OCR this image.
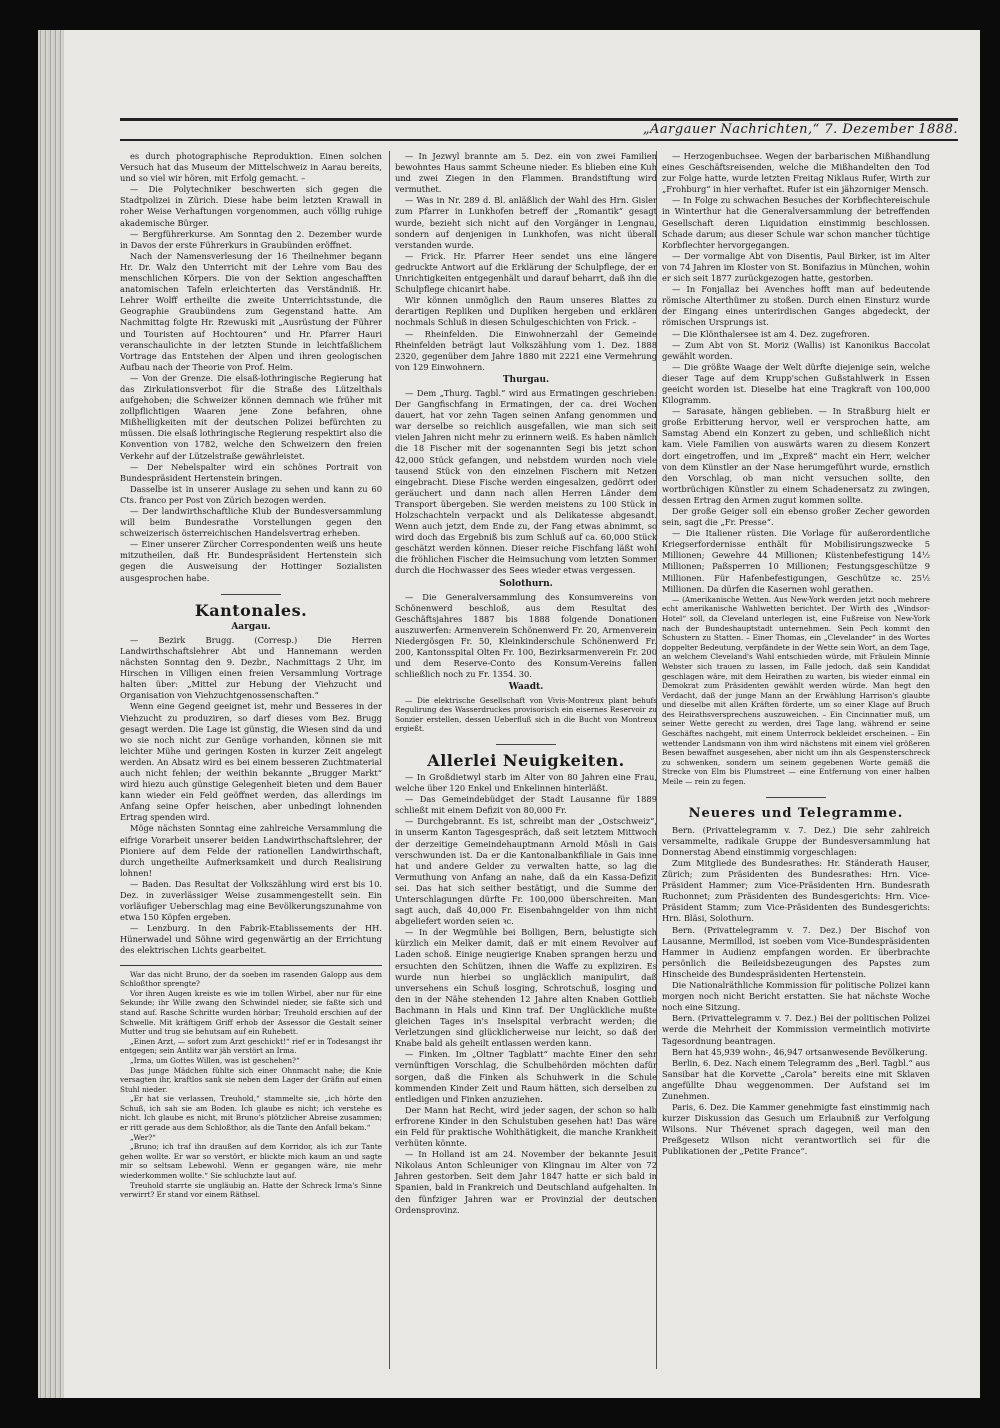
„Aargauer Nachrichten,“ 7. Dezember 1888.

es durch photographische Reproduktion. Einen solchen Versuch hat das Museum der Mittelschweiz in Aarau bereits, und so viel wir hören, mit Erfolg gemacht. –

— Die Polytechniker beschwerten sich gegen die Stadtpolizei in Zürich. Diese habe beim letzten Krawall in roher Weise Verhaftungen vorgenommen, auch völlig ruhige akademische Bürger.

— Bergführerkurse. Am Sonntag den 2. Dezember wurde in Davos der erste Führerkurs in Graubünden eröffnet.

Nach der Namensverlesung der 16 Theilnehmer begann Hr. Dr. Walz den Unterricht mit der Lehre vom Bau des menschlichen Körpers. Die von der Sektion angeschafften anatomischen Tafeln erleichterten das Verständniß. Hr. Lehrer Wolff ertheilte die zweite Unterrichtsstunde, die Geographie Graubündens zum Gegenstand hatte. Am Nachmittag folgte Hr. Rzewuski mit „Ausrüstung der Führer und Touristen auf Hochtouren“ und Hr. Pfarrer Hauri veranschaulichte in der letzten Stunde in leichtfaßlichem Vortrage das Entstehen der Alpen und ihren geologischen Aufbau nach der Theorie von Prof. Heim.

— Von der Grenze. Die elsaß-lothringische Regierung hat das Zirkulationsverbot für die Straße des Lützelthals aufgehoben; die Schweizer können demnach wie früher mit zollpflichtigen Waaren jene Zone befahren, ohne Mißhelligkeiten mit der deutschen Polizei befürchten zu müssen. Die elsaß lothringische Regierung respektirt also die Konvention von 1782, welche den Schweizern den freien Verkehr auf der Lützelstraße gewährleistet.

— Der Nebelspalter wird ein schönes Portrait von Bundespräsident Hertenstein bringen.

Dasselbe ist in unserer Auslage zu sehen und kann zu 60 Cts. franco per Post von Zürich bezogen werden.

— Der landwirthschaftliche Klub der Bundesversammlung will beim Bundesrathe Vorstellungen gegen den schweizerisch österreichischen Handelsvertrag erheben.

— Einer unserer Zürcher Correspondenten weiß uns heute mitzutheilen, daß Hr. Bundespräsident Hertenstein sich gegen die Ausweisung der Hottinger Sozialisten ausgesprochen habe.

Kantonales.
Aargau.

— Bezirk Brugg. (Corresp.) Die Herren Landwirthschaftslehrer Abt und Hannemann werden nächsten Sonntag den 9. Dezbr., Nachmittags 2 Uhr, im Hirschen in Villigen einen freien Versammlung Vortrage halten über: „Mittel zur Hebung der Viehzucht und Organisation von Viehzuchtgenossenschaften.“

Wenn eine Gegend geeignet ist, mehr und Besseres in der Viehzucht zu produziren, so darf dieses vom Bez. Brugg gesagt werden. Die Lage ist günstig, die Wiesen sind da und wo sie noch nicht zur Genüge vorhanden, können sie mit leichter Mühe und geringen Kosten in kurzer Zeit angelegt werden. An Absatz wird es bei einem besseren Zuchtmaterial auch nicht fehlen; der weithin bekannte „Brugger Markt“ wird hiezu auch günstige Gelegenheit bieten und dem Bauer kann wieder ein Feld geöffnet werden, das allerdings im Anfang seine Opfer heischen, aber unbedingt lohnenden Ertrag spenden wird.

Möge nächsten Sonntag eine zahlreiche Versammlung die eifrige Vorarbeit unserer beiden Landwirthschaftslehrer, der Pioniere auf dem Felde der rationellen Landwirthschaft, durch ungetheilte Aufmerksamkeit und durch Realisirung lohnen!

— Baden. Das Resultat der Volkszählung wird erst bis 10. Dez. in zuverlässiger Weise zusammengestellt sein. Ein vorläufiger Ueberschlag mag eine Bevölkerungszunahme von etwa 150 Köpfen ergeben.

— Lenzburg. In den Fabrik-Etablissements der HH. Hünerwadel und Söhne wird gegenwärtig an der Errichtung des elektrischen Lichts gearbeitet.

War das nicht Bruno, der da soeben im rasenden Galopp aus dem Schloßthor sprengte?

Vor ihren Augen kreiste es wie im tollen Wirbel, aber nur für eine Sekunde; ihr Wille zwang den Schwindel nieder, sie faßte sich und stand auf. Rasche Schritte wurden hörbar; Treuhold erschien auf der Schwelle. Mit kräftigem Griff erhob der Assessor die Gestalt seiner Mutter und trug sie behutsam auf ein Ruhebett.

„Einen Arzt, — sofort zum Arzt geschickt!“ rief er in Todesangst ihr entgegen; sein Antlitz war jäh verstört an Irma.

„Irma, um Gottes Willen, was ist geschehen?“

Das junge Mädchen fühlte sich einer Ohnmacht nahe; die Knie versagten ihr, kraftlos sank sie neben dem Lager der Gräfin auf einen Stuhl nieder.

„Er hat sie verlassen, Treuhold,“ stammelte sie, „ich hörte den Schuß, ich sah sie am Boden. Ich glaube es nicht; ich verstehe es nicht. Ich glaube es nicht, mit Bruno's plötzlicher Abreise zusammen; er ritt gerade aus dem Schloßthor, als die Tante den Anfall bekam.“

„Wer?“

„Bruno; ich traf ihn draußen auf dem Korridor, als ich zur Tante gehen wollte. Er war so verstört, er blickte mich kaum an und sagte mir so seltsam Lebewohl. Wenn er gegangen wäre, nie mehr wiederkommen wollte.“ Sie schluchzte laut auf.

Treuhold starrte sie ungläubig an. Hatte der Schreck Irma's Sinne verwirrt? Er stand vor einem Räthsel.

— In Jezwyl brannte am 5. Dez. ein von zwei Familien bewohntes Haus sammt Scheune nieder. Es blieben eine Kuh und zwei Ziegen in den Flammen. Brandstiftung wird vermuthet.

— Was in Nr. 289 d. Bl. anläßlich der Wahl des Hrn. Gisler zum Pfarrer in Lunkhofen betreff der „Romantik“ gesagt wurde, bezieht sich nicht auf den Vorgänger in Lengnau, sondern auf denjenigen in Lunkhofen, was nicht überall verstanden wurde.

— Frick. Hr. Pfarrer Heer sendet uns eine längere gedruckte Antwort auf die Erklärung der Schulpflege, der er Unrichtigkeiten entgegenhält und darauf beharrt, daß ihn die Schulpflege chicanirt habe.

Wir können unmöglich den Raum unseres Blattes zu derartigen Repliken und Dupliken hergeben und erklären nochmals Schluß in diesen Schulgeschichten von Frick. –

— Rheinfelden. Die Einwohnerzahl der Gemeinde Rheinfelden beträgt laut Volkszählung vom 1. Dez. 1888 2320, gegenüber dem Jahre 1880 mit 2221 eine Vermehrung von 129 Einwohnern.

Thurgau.

— Dem „Thurg. Tagbl.“ wird aus Ermatingen geschrieben: Der Gangfischfang in Ermatingen, der ca. drei Wochen dauert, hat vor zehn Tagen seinen Anfang genommen und war derselbe so reichlich ausgefallen, wie man sich seit vielen Jahren nicht mehr zu erinnern weiß. Es haben nämlich die 18 Fischer mit der sogenannten Segi bis jetzt schon 42,000 Stück gefangen, und nebstdem wurden noch viele tausend Stück von den einzelnen Fischern mit Netzen eingebracht. Diese Fische werden eingesalzen, gedörrt oder geräuchert und dann nach allen Herren Länder dem Transport übergeben. Sie werden meistens zu 100 Stück in Holzschachteln verpackt und als Delikatesse abgesandt. Wenn auch jetzt, dem Ende zu, der Fang etwas abnimmt, so wird doch das Ergebniß bis zum Schluß auf ca. 60,000 Stück geschätzt werden können. Dieser reiche Fischfang läßt wohl die fröhlichen Fischer die Heimsuchung vom letzten Sommer durch die Hochwasser des Sees wieder etwas vergessen.

Solothurn.

— Die Generalversammlung des Konsumvereins von Schönenwerd beschloß, aus dem Resultat des Geschäftsjahres 1887 bis 1888 folgende Donationen auszuwerfen: Armenverein Schönenwerd Fr. 20, Armenverein Niedergösgen Fr. 50, Kleinkinderschule Schönenwerd Fr. 200, Kantonsspital Olten Fr. 100, Bezirksarmenverein Fr. 200 und dem Reserve-Conto des Konsum-Vereins fallen schließlich noch zu Fr. 1354. 30.

Waadt.

— Die elektrische Gesellschaft von Vivis-Montreux plant behufs Regulirung des Wasserdruckes provisorisch ein eisernes Reservoir zu Sonzier erstellen, dessen Ueberfluß sich in die Bucht von Montreux ergießt.

Allerlei Neuigkeiten.

— In Großdietwyl starb im Alter von 80 Jahren eine Frau, welche über 120 Enkel und Enkelinnen hinterläßt.

— Das Gemeindebüdget der Stadt Lausanne für 1889 schließt mit einem Defizit von 80,000 Fr.

— Durchgebrannt. Es ist, schreibt man der „Ostschweiz“, in unserm Kanton Tagesgespräch, daß seit letztem Mittwoch der derzeitige Gemeindehauptmann Arnold Mösli in Gais verschwunden ist. Da er die Kantonalbankfiliale in Gais inne hat und andere Gelder zu verwalten hatte, so lag die Vermuthung von Anfang an nahe, daß da ein Kassa-Defizit sei. Das hat sich seither bestätigt, und die Summe der Unterschlagungen dürfte Fr. 100,000 überschreiten. Man sagt auch, daß 40,000 Fr. Eisenbahngelder von ihm nicht abgeliefert worden seien ꝛc.

— In der Wegmühle bei Bolligen, Bern, belustigte sich kürzlich ein Melker damit, daß er mit einem Revolver auf Laden schoß. Einige neugierige Knaben sprangen herzu und ersuchten den Schützen, ihnen die Waffe zu expliziren. Es wurde nun hierbei so ungläcklich manipulirt, daß unversehens ein Schuß losging, Schrotschuß, losging und den in der Nähe stehenden 12 Jahre alten Knaben Gottlieb Bachmann in Hals und Kinn traf. Der Unglückliche mußte gleichen Tages in's Inselspital verbracht werden; die Verletzungen sind glücklicherweise nur leicht, so daß der Knabe bald als geheilt entlassen werden kann.

— Finken. Im „Oltner Tagblatt“ machte Einer den sehr vernünftigen Vorschlag, die Schulbehörden möchten dafür sorgen, daß die Finken als Schuhwerk in die Schule kommenden Kinder Zeit und Raum hätten, sich derselben zu entledigen und Finken anzuziehen.

Der Mann hat Recht, wird jeder sagen, der schon so halb erfrorene Kinder in den Schulstuben gesehen hat! Das wäre ein Feld für praktische Wohlthätigkeit, die manche Krankheit verhüten könnte.

— In Holland ist am 24. November der bekannte Jesuit Nikolaus Anton Schleuniger von Klingnau im Alter von 72 Jahren gestorben. Seit dem Jahr 1847 hatte er sich bald in Spanien, bald in Frankreich und Deutschland aufgehalten. In den fünfziger Jahren war er Provinzial der deutschen Ordensprovinz.

— Herzogenbuchsee. Wegen der barbarischen Mißhandlung eines Geschäftsreisenden, welche die Mißhandelten den Tod zur Folge hatte, wurde letzten Freitag Niklaus Rufer, Wirth zur „Frohburg“ in hier verhaftet. Rufer ist ein jähzorniger Mensch.

— In Folge zu schwachen Besuches der Korbflechtereischule in Winterthur hat die Generalversammlung der betreffenden Gesellschaft deren Liquidation einstimmig beschlossen. Schade darum; aus dieser Schule war schon mancher tüchtige Korbflechter hervorgegangen.

— Der vormalige Abt von Disentis, Paul Birker, ist im Alter von 74 Jahren im Kloster von St. Bonifazius in München, wohin er sich seit 1877 zurückgezogen hatte, gestorben.

— In Fonjallaz bei Avenches hofft man auf bedeutende römische Alterthümer zu stoßen. Durch einen Einsturz wurde der Eingang eines unterirdischen Ganges abgedeckt, der römischen Ursprungs ist.

— Die Klönthalersee ist am 4. Dez. zugefroren.

— Zum Abt von St. Moriz (Wallis) ist Kanonikus Baccolat gewählt worden.

— Die größte Waage der Welt dürfte diejenige sein, welche dieser Tage auf dem Krupp'schen Gußstahlwerk in Essen geeicht worden ist. Dieselbe hat eine Tragkraft von 100,000 Kilogramm.

— Sarasate, hängen geblieben. — In Straßburg hielt er große Erbitterung hervor, weil er versprochen hatte, am Samstag Abend ein Konzert zu geben, und schließlich nicht kam. Viele Familien von auswärts waren zu diesem Konzert dort eingetroffen, und im „Expreß“ macht ein Herr, welcher von dem Künstler an der Nase herumgeführt wurde, ernstlich den Vorschlag, ob man nicht versuchen sollte, den wortbrüchigen Künstler zu einem Schadenersatz zu zwingen, dessen Ertrag den Armen zugut kommen sollte.

Der große Geiger soll ein ebenso großer Zecher geworden sein, sagt die „Fr. Presse“.

— Die Italiener rüsten. Die Vorlage für außerordentliche Kriegserfordernisse enthält für Mobilisirungszwecke 5 Millionen; Gewehre 44 Millionen; Küstenbefestigung 14½ Millionen; Paßsperren 10 Millionen; Festungsgeschütze 9 Millionen. Für Hafenbefestigungen, Geschütze ꝛc. 25½ Millionen. Da dürfen die Kasernen wohl gerathen.

— (Amerikanische Wetten. Aus New-York werden jetzt noch mehrere echt amerikanische Wahlwetten berichtet. Der Wirth des „Windsor-Hotel“ soll, da Cleveland unterlegen ist, eine Fußreise von New-York nach der Bundeshauptstadt unternehmen. Sein Pech kommt den Schustern zu Statten. – Einer Thomas, ein „Clevelander“ in des Wortes doppelter Bedeutung, verpfändete in der Wette sein Wort, an dem Tage, an welchem Cleveland's Wahl entschieden würde, mit Fräulein Minnie Webster sich trauen zu lassen, im Falle jedoch, daß sein Kandidat geschlagen wäre, mit dem Heirathen zu warten, bis wieder einmal ein Demokrat zum Präsidenten gewählt werden würde. Man hegt den Verdacht, daß der junge Mann an der Erwählung Harrison's glaubte und dieselbe mit allen Kräften förderte, um so einer Klage auf Bruch des Heirathsversprechens auszuweichen. – Ein Cincinnatier muß, um seiner Wette gerecht zu werden, drei Tage lang, während er seine Geschäftes nachgeht, mit einem Unterrock bekleidet erscheinen. – Ein wettender Landsmann von ihm wird nächstens mit einem viel größeren Besen bewaffnet ausgesehen, aber nicht um ihn als Gespensterschreck zu schwenken, sondern um seinem gegebenen Worte gemäß die Strecke von Elm bis Plumstreet — eine Entfernung von einer halben Meile — rein zu fegen.

Neueres und Telegramme.

Bern. (Privattelegramm v. 7. Dez.) Die sehr zahlreich versammelte, radikale Gruppe der Bundesversammlung hat Donnerstag Abend einstimmig vorgeschlagen:

Zum Mitgliede des Bundesrathes: Hr. Ständerath Hauser, Zürich; zum Präsidenten des Bundesrathes: Hrn. Vice-Präsident Hammer; zum Vice-Präsidenten Hrn. Bundesrath Ruchonnet; zum Präsidenten des Bundesgerichts: Hrn. Vice-Präsident Stamm; zum Vice-Präsidenten des Bundesgerichts: Hrn. Bläsi, Solothurn.

Bern. (Privattelegramm v. 7. Dez.) Der Bischof von Lausanne, Mermillod, ist soeben vom Vice-Bundespräsidenten Hammer in Audienz empfangen worden. Er überbrachte persönlich die Beileidsbezeugungen des Papstes zum Hinscheide des Bundespräsidenten Hertenstein.

Die Nationalräthliche Kommission für politische Polizei kann morgen noch nicht Bericht erstatten. Sie hat nächste Woche noch eine Sitzung.

Bern. (Privattelegramm v. 7. Dez.) Bei der politischen Polizei werde die Mehrheit der Kommission vermeintlich motivirte Tagesordnung beantragen.

Bern hat 45,939 wohn-, 46,947 ortsanwesende Bevölkerung.

Berlin, 6. Dez. Nach einem Telegramm des „Berl. Tagbl.“ aus Sansibar hat die Korvette „Carola“ bereits eine mit Sklaven angefüllte Dhau weggenommen. Der Aufstand sei im Zunehmen.

Paris, 6. Dez. Die Kammer genehmigte fast einstimmig nach kurzer Diskussion das Gesuch um Erlaubniß zur Verfolgung Wilsons. Nur Thévenet sprach dagegen, weil man den Preßgesetz Wilson nicht verantwortlich sei für die Publikationen der „Petite France“.
